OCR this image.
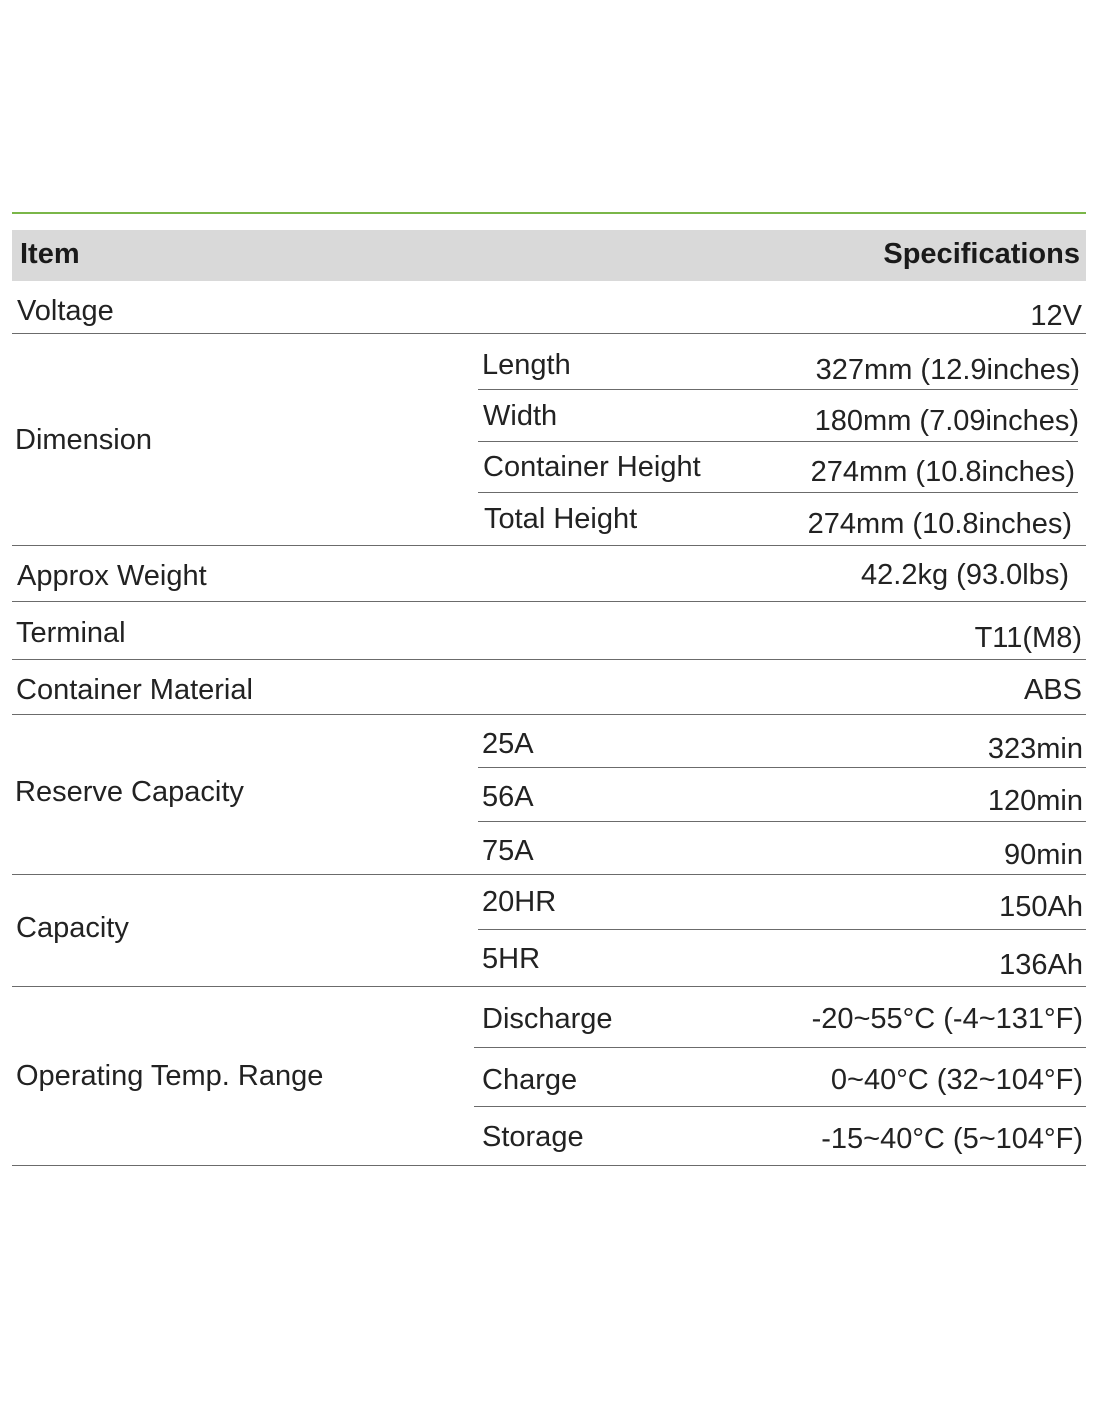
Item	Specifications
Voltage	12V
Dimension
Length	327mm (12.9inches)
Width	180mm (7.09inches)
Container Height	274mm (10.8inches)
Total Height	274mm (10.8inches)
Approx Weight	42.2kg (93.0lbs)
Terminal	T11(M8)
Container Material	ABS
Reserve Capacity
25A	323min
56A	120min
75A	90min
Capacity
20HR	150Ah
5HR	136Ah
Operating Temp. Range
Discharge	-20~55°C (-4~131°F)
Charge	0~40°C (32~104°F)
Storage	-15~40°C (5~104°F)
